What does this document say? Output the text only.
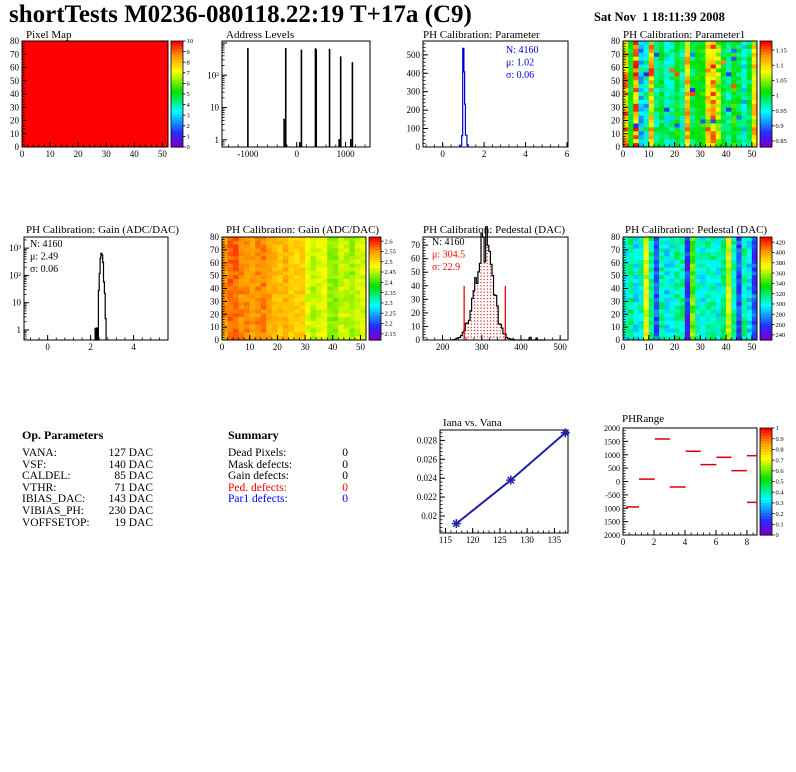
shortTests M0236-080118.22:19 T+17a (C9)	Sat Nov  1 18:11:39 2008
Pixel Map	Address Levels	PH Calibration: Parameter	PH Calibration: Parameter1
PH Calibration: Gain (ADC/DAC)	PH Calibration: Gain (ADC/DAC)	PH Calibration: Pedestal (DAC)	PH Calibration: Pedestal (DAC)
Iana vs. Vana	PHRange
Op. Parameters
VANA:	127 DAC
VSF:	140 DAC
CALDEL:	85 DAC
VTHR:	71 DAC
IBIAS_DAC: 143 DAC
VIBIAS_PH: 230 DAC
VOFFSETOP: 19 DAC
Summary
Dead Pixels:	0
Mask defects:	0
Gain defects:	0
Ped. defects:	0
Par1 defects:	0
0 10 20 30 40 50
0
10
20
30
40
50
60
70
80	10
9
8
7
6
5
4
3
2
1
0
-1000	0	1000
1
10
10²
0	2	4	6
0
100
200
300
400
500	N: 4160
μ: 1.02
σ: 0.06
0 10 20 30 40 50
0
10
20
30
40
50
60
70
80
1.15
1.1
1.05
1
0.95
0.9
0.85
0	2	4
1
10
10²
10³ N: 4160
μ: 2.49
σ: 0.06
0 10 20 30 40 50
0
10
20
30
40
50
60
70
80	2.6
2.55
2.5
2.45
2.4
2.35
2.3
2.25
2.2
2.15
200	300	400	500
0
10
20
30
40
50
60
70 N: 4160
μ: 304.5
σ: 22.9
0 10 20 30 40 50
0
10
20
30
40
50
60
70
80
420
400
380
360
340
320
300
280
260
240
115 120 125 130 135
0.02
0.022
0.024
0.026
0.028
0	2	4	6	8
2000
1500
1000
500
0
-500
1000
1500
2000
1
0.9
0.8
0.7
0.6
0.5
0.4
0.3
0.2
0.1
0
